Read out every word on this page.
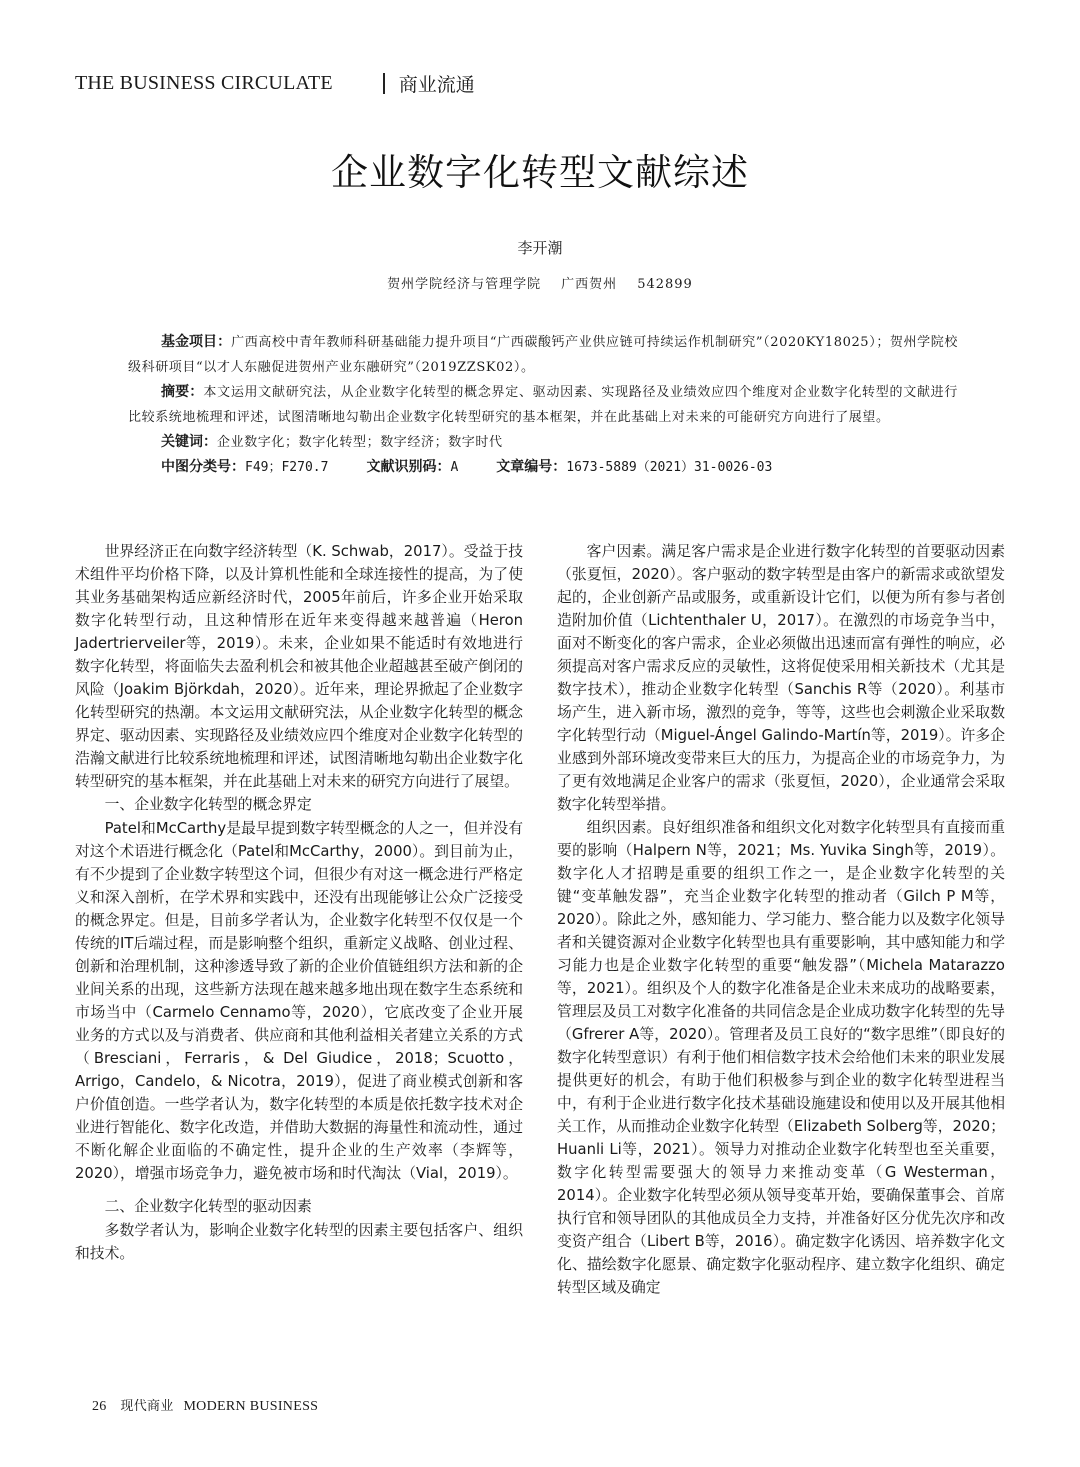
THE BUSINESS CIRCULATE	商业流通
企业数字化转型文献综述
李开潮
贺州学院经济与管理学院 广西贺州 542899

基金项目：广西高校中青年教师科研基础能力提升项目“广西碳酸钙产业供应链可持续运作机制研究”（2020KY18025）；贺州学院校级科研项目“以才人东融促进贺州产业东融研究”（2019ZZSK02）。

摘要：本文运用文献研究法，从企业数字化转型的概念界定、驱动因素、实现路径及业绩效应四个维度对企业数字化转型的文献进行比较系统地梳理和评述，试图清晰地勾勒出企业数字化转型研究的基本框架，并在此基础上对未来的可能研究方向进行了展望。

关键词：企业数字化；数字化转型；数字经济；数字时代

中图分类号：F49；F270.7	文献识别码：A	文章编号：1673-5889（2021）31-0026-03

世界经济正在向数字经济转型（K. Schwab，2017）。受益于技术组件平均价格下降，以及计算机性能和全球连接性的提高，为了使其业务基础架构适应新经济时代，2005年前后，许多企业开始采取数字化转型行动，且这种情形在近年来变得越来越普遍（Heron Jadertrierveiler等，2019）。未来，企业如果不能适时有效地进行数字化转型，将面临失去盈利机会和被其他企业超越甚至破产倒闭的风险（Joakim Björkdah，2020）。近年来，理论界掀起了企业数字化转型研究的热潮。本文运用文献研究法，从企业数字化转型的概念界定、驱动因素、实现路径及业绩效应四个维度对企业数字化转型的浩瀚文献进行比较系统地梳理和评述，试图清晰地勾勒出企业数字化转型研究的基本框架，并在此基础上对未来的研究方向进行了展望。

一、企业数字化转型的概念界定

Patel和McCarthy是最早提到数字转型概念的人之一，但并没有对这个术语进行概念化（Patel和McCarthy，2000）。到目前为止，有不少提到了企业数字转型这个词，但很少有对这一概念进行严格定义和深入剖析，在学术界和实践中，还没有出现能够让公众广泛接受的概念界定。但是，目前多学者认为，企业数字化转型不仅仅是一个传统的IT后端过程，而是影响整个组织，重新定义战略、创业过程、创新和治理机制，这种渗透导致了新的企业价值链组织方法和新的企业间关系的出现，这些新方法现在越来越多地出现在数字生态系统和市场当中（Carmelo Cennamo等，2020），它底改变了企业开展业务的方式以及与消费者、供应商和其他利益相关者建立关系的方式（Bresciani，Ferraris，& Del Giudice，2018；Scuotto，Arrigo，Candelo，& Nicotra，2019），促进了商业模式创新和客户价值创造。一些学者认为，数字化转型的本质是依托数字技术对企业进行智能化、数字化改造，并借助大数据的海量性和流动性，通过不断化解企业面临的不确定性，提升企业的生产效率（李辉等，2020），增强市场竞争力，避免被市场和时代淘汰（Vial，2019）。

二、企业数字化转型的驱动因素

多数学者认为，影响企业数字化转型的因素主要包括客户、组织和技术。

客户因素。满足客户需求是企业进行数字化转型的首要驱动因素（张夏恒，2020）。客户驱动的数字转型是由客户的新需求或欲望发起的，企业创新产品或服务，或重新设计它们，以便为所有参与者创造附加价值（Lichtenthaler U，2017）。在激烈的市场竞争当中，面对不断变化的客户需求，企业必须做出迅速而富有弹性的响应，必须提高对客户需求反应的灵敏性，这将促使采用相关新技术（尤其是数字技术），推动企业数字化转型（Sanchis R等（2020）。利基市场产生，进入新市场，激烈的竞争，等等，这些也会刺激企业采取数字化转型行动（Miguel-Ángel Galindo-Martín等，2019）。许多企业感到外部环境改变带来巨大的压力，为提高企业的市场竞争力，为了更有效地满足企业客户的需求（张夏恒，2020），企业通常会采取数字化转型举措。

组织因素。良好组织准备和组织文化对数字化转型具有直接而重要的影响（Halpern N等，2021；Ms. Yuvika Singh等，2019）。数字化人才招聘是重要的组织工作之一，是企业数字化转型的关键“变革触发器”，充当企业数字化转型的推动者（Gilch P M等，2020）。除此之外，感知能力、学习能力、整合能力以及数字化领导者和关键资源对企业数字化转型也具有重要影响，其中感知能力和学习能力也是企业数字化转型的重要“触发器”（Michela Matarazzo等，2021）。组织及个人的数字化准备是企业未来成功的战略要素，管理层及员工对数字化准备的共同信念是企业成功数字化转型的先导（Gfrerer A等，2020）。管理者及员工良好的“数字思维”（即良好的数字化转型意识）有利于他们相信数字技术会给他们未来的职业发展提供更好的机会，有助于他们积极参与到企业的数字化转型进程当中，有利于企业进行数字化技术基础设施建设和使用以及开展其他相关工作，从而推动企业数字化转型（Elizabeth Solberg等，2020；Huanli Li等，2021）。领导力对推动企业数字化转型也至关重要，数字化转型需要强大的领导力来推动变革（G Westerman，2014）。企业数字化转型必须从领导变革开始，要确保董事会、首席执行官和领导团队的其他成员全力支持，并准备好区分优先次序和改变资产组合（Libert B等，2016）。确定数字化诱因、培养数字化文化、描绘数字化愿景、确定数字化驱动程序、建立数字化组织、确定转型区域及确定

26 现代商业 MODERN BUSINESS
